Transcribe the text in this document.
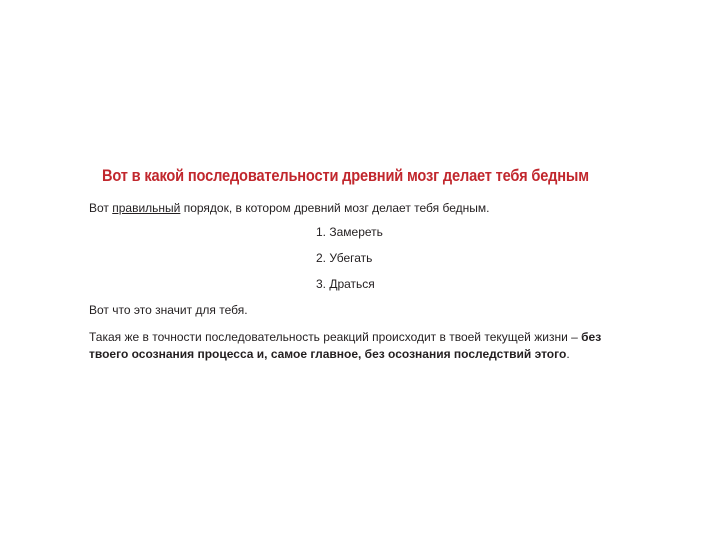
Вот в какой последовательности древний мозг делает тебя бедным
Вот правильный порядок, в котором древний мозг делает тебя бедным.
1. Замереть
2. Убегать
3. Драться
Вот что это значит для тебя.
Такая же в точности последовательность реакций происходит в твоей текущей жизни – без твоего осознания процесса и, самое главное, без осознания последствий этого.
